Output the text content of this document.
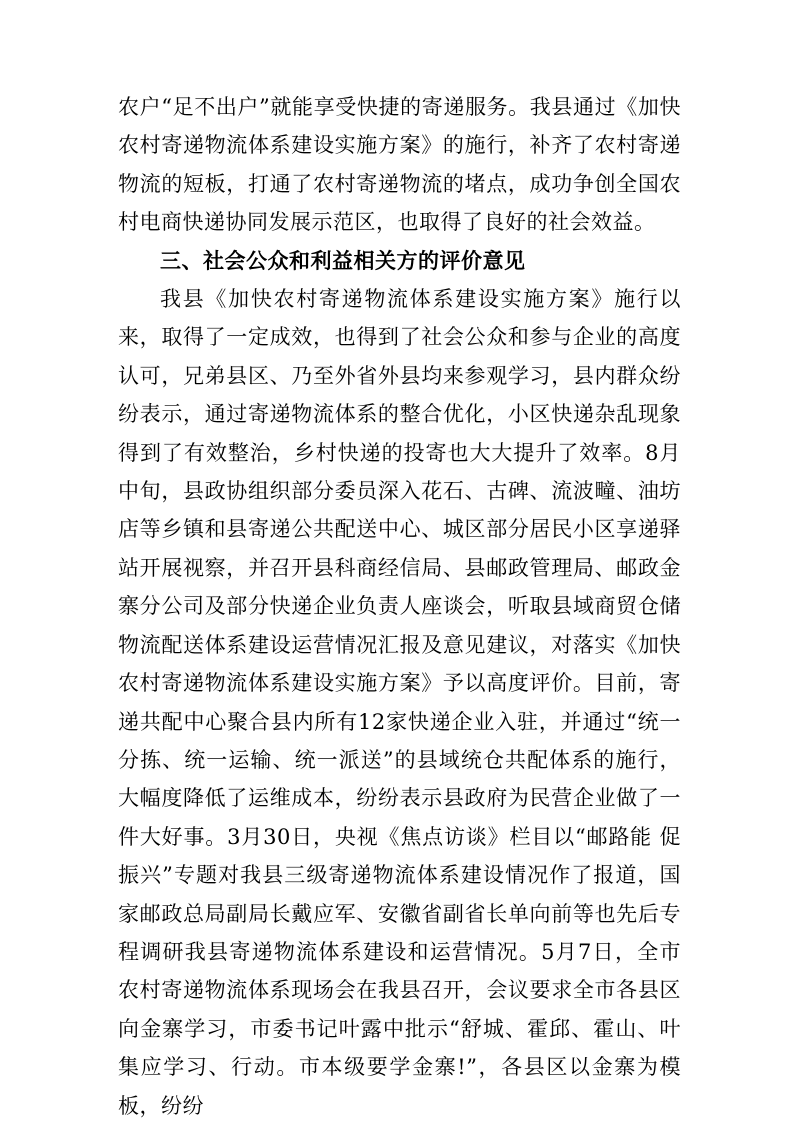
农户“足不出户”就能享受快捷的寄递服务。我县通过《加快农村寄递物流体系建设实施方案》的施行，补齐了农村寄递物流的短板，打通了农村寄递物流的堵点，成功争创全国农村电商快递协同发展示范区，也取得了良好的社会效益。

三、社会公众和利益相关方的评价意见

我县《加快农村寄递物流体系建设实施方案》施行以来，取得了一定成效，也得到了社会公众和参与企业的高度认可，兄弟县区、乃至外省外县均来参观学习，县内群众纷纷表示，通过寄递物流体系的整合优化，小区快递杂乱现象得到了有效整治，乡村快递的投寄也大大提升了效率。8月中旬，县政协组织部分委员深入花石、古碑、流波疃、油坊店等乡镇和县寄递公共配送中心、城区部分居民小区享递驿站开展视察，并召开县科商经信局、县邮政管理局、邮政金寨分公司及部分快递企业负责人座谈会，听取县域商贸仓储物流配送体系建设运营情况汇报及意见建议，对落实《加快农村寄递物流体系建设实施方案》予以高度评价。目前，寄递共配中心聚合县内所有12家快递企业入驻，并通过“统一分拣、统一运输、统一派送”的县域统仓共配体系的施行，大幅度降低了运维成本，纷纷表示县政府为民营企业做了一件大好事。3月30日，央视《焦点访谈》栏目以“邮路能 促振兴”专题对我县三级寄递物流体系建设情况作了报道，国家邮政总局副局长戴应军、安徽省副省长单向前等也先后专程调研我县寄递物流体系建设和运营情况。5月7日，全市农村寄递物流体系现场会在我县召开，会议要求全市各县区向金寨学习，市委书记叶露中批示“舒城、霍邱、霍山、叶集应学习、行动。市本级要学金寨!”，各县区以金寨为模板，纷纷
